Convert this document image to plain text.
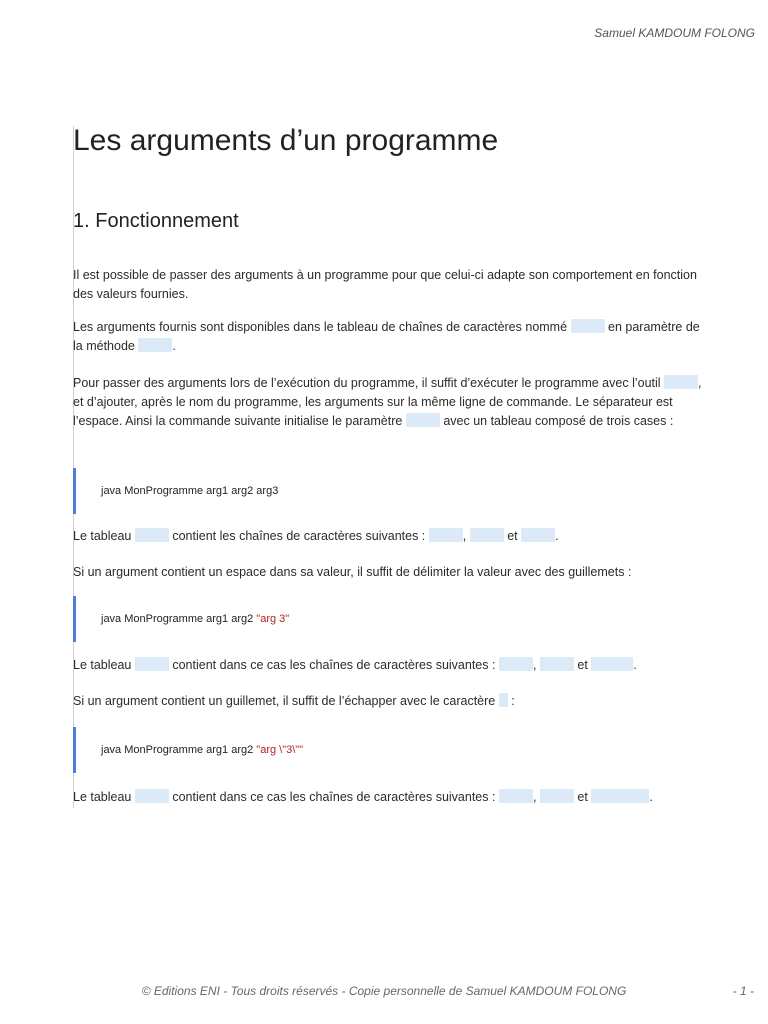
Samuel KAMDOUM FOLONG
Les arguments d’un programme
1. Fonctionnement

Il est possible de passer des arguments à un programme pour que celui-ci adapte son comportement en fonction des valeurs fournies.

Les arguments fournis sont disponibles dans le tableau de chaînes de caractères nommé	en paramètre de la méthode	.

Pour passer des arguments lors de l’exécution du programme, il suffit d’exécuter le programme avec l’outil	, et d’ajouter, après le nom du programme, les arguments sur la même ligne de commande. Le séparateur est l’espace. Ainsi la commande suivante initialise le paramètre	avec un tableau composé de trois cases :

java MonProgramme arg1 arg2 arg3

Le tableau	contient les chaînes de caractères suivantes :	,	et	.

Si un argument contient un espace dans sa valeur, il suffit de délimiter la valeur avec des guillemets :

java MonProgramme arg1 arg2 "arg 3"

Le tableau	contient dans ce cas les chaînes de caractères suivantes :	,	et	.

Si un argument contient un guillemet, il suffit de l’échapper avec le caractère :

java MonProgramme arg1 arg2 "arg \"3\""

Le tableau	contient dans ce cas les chaînes de caractères suivantes :	,	et	.

© Editions ENI - Tous droits réservés - Copie personnelle de Samuel KAMDOUM FOLONG	- 1 -
